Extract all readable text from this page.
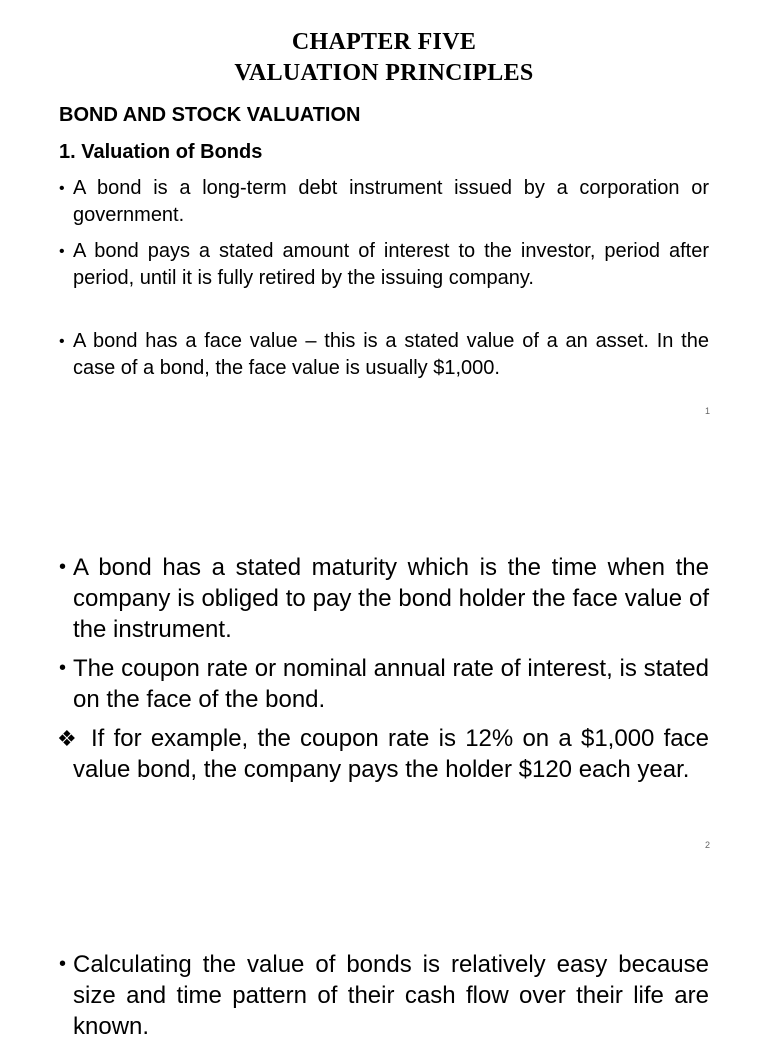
CHAPTER FIVE
VALUATION PRINCIPLES
BOND AND STOCK VALUATION
1. Valuation of Bonds
• A bond is a long-term debt instrument issued by a corporation or government.
• A bond pays a stated amount of interest to the investor, period after period, until it is fully retired by the issuing company.
• A bond has a face value – this is a stated value of a an asset. In the case of a bond, the face value is usually $1,000.
1
• A bond has a stated maturity which is the time when the company is obliged to pay the bond holder the face value of the instrument.
• The coupon rate or nominal annual rate of interest, is stated on the face of the bond.
❖ If for example, the coupon rate is 12% on a $1,000 face value bond, the company pays the holder $120 each year.
2
• Calculating the value of bonds is relatively easy because size and time pattern of their cash flow over their life are known.
